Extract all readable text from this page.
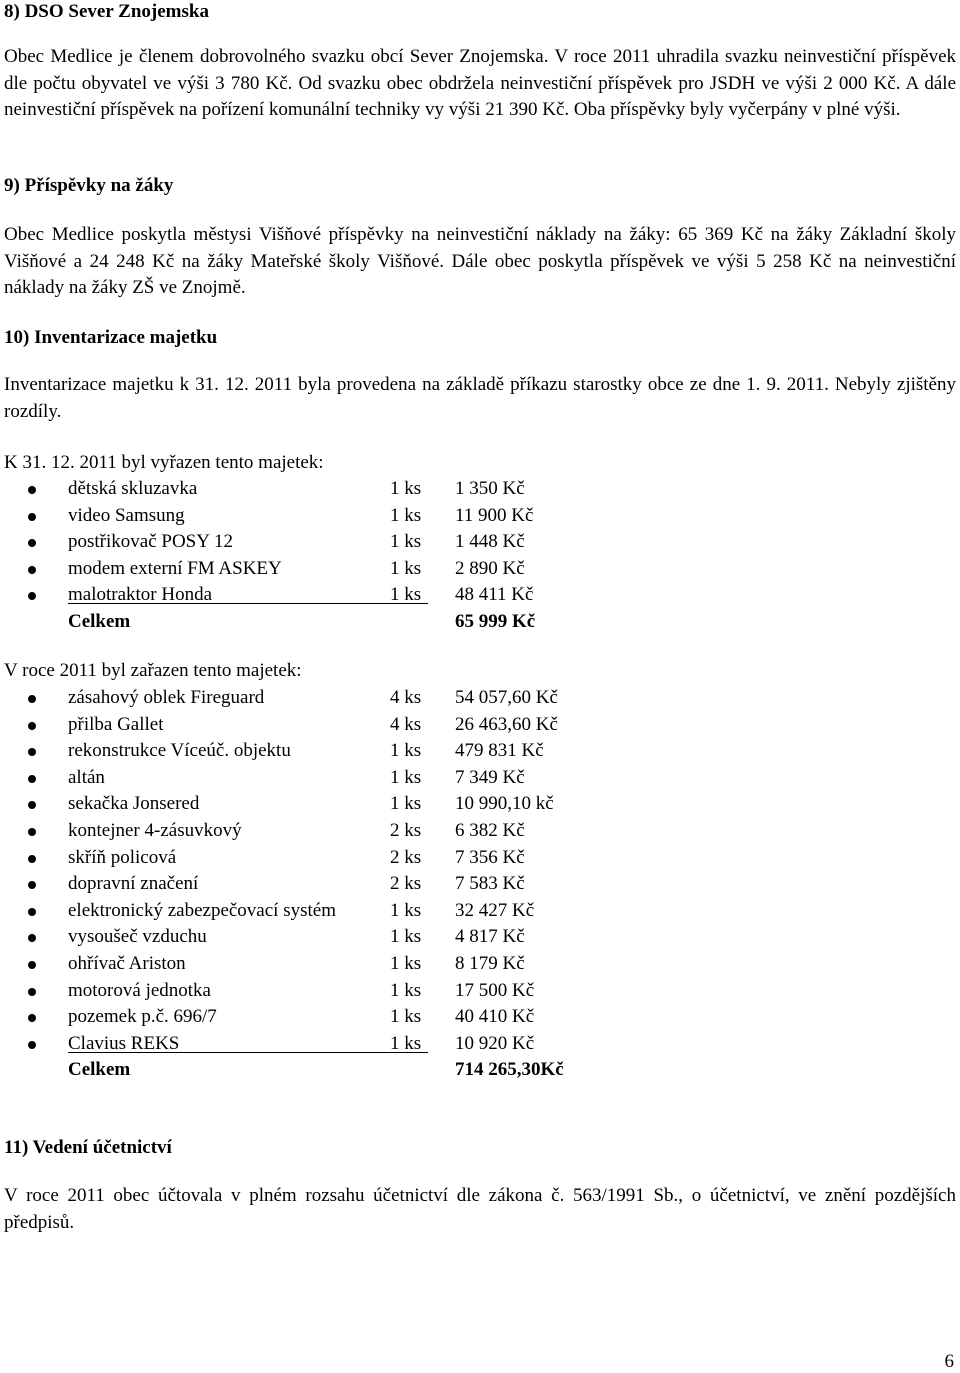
8) DSO Sever Znojemska

Obec Medlice je členem dobrovolného svazku obcí Sever Znojemska. V roce 2011 uhradila svazku neinvestiční příspěvek dle počtu obyvatel ve výši 3 780 Kč. Od svazku obec obdržela neinvestiční příspěvek pro JSDH ve výši 2 000 Kč. A dále neinvestiční příspěvek na pořízení komunální techniky vy výši 21 390 Kč. Oba příspěvky byly vyčerpány v plné výši.

9) Příspěvky na žáky

Obec Medlice poskytla městysi Višňové příspěvky na neinvestiční náklady na žáky: 65 369 Kč na žáky Základní školy Višňové a 24 248 Kč na žáky Mateřské školy Višňové. Dále obec poskytla příspěvek ve výši 5 258 Kč na neinvestiční náklady na žáky ZŠ ve Znojmě.

10) Inventarizace majetku

Inventarizace majetku k 31. 12. 2011 byla provedena na základě příkazu starostky obce ze dne 1. 9. 2011. Nebyly zjištěny rozdíly.

K 31. 12. 2011 byl vyřazen tento majetek:

dětská skluzavka	1 ks 1 350 Kč
video Samsung	1 ks 11 900 Kč
postřikovač POSY 12	1 ks 1 448 Kč
modem externí FM ASKEY	1 ks 2 890 Kč
malotraktor Honda	1 ks 48 411 Kč
Celkem	65 999 Kč

V roce 2011 byl zařazen tento majetek:

zásahový oblek Fireguard	4 ks 54 057,60 Kč
přilba Gallet	4 ks 26 463,60 Kč
rekonstrukce Víceúč. objektu	1 ks 479 831 Kč
altán	1 ks 7 349 Kč
sekačka Jonsered	1 ks 10 990,10 kč
kontejner 4-zásuvkový	2 ks 6 382 Kč
skříň policová	2 ks 7 356 Kč
dopravní značení	2 ks 7 583 Kč
elektronický zabezpečovací systém	1 ks 32 427 Kč
vysoušeč vzduchu	1 ks 4 817 Kč
ohřívač Ariston	1 ks 8 179 Kč
motorová jednotka	1 ks 17 500 Kč
pozemek p.č. 696/7	1 ks 40 410 Kč
Clavius REKS	1 ks 10 920 Kč
Celkem	714 265,30Kč
11) Vedení účetnictví

V roce 2011 obec účtovala v plném rozsahu účetnictví dle zákona č. 563/1991 Sb., o účetnictví, ve znění pozdějších předpisů.

6
